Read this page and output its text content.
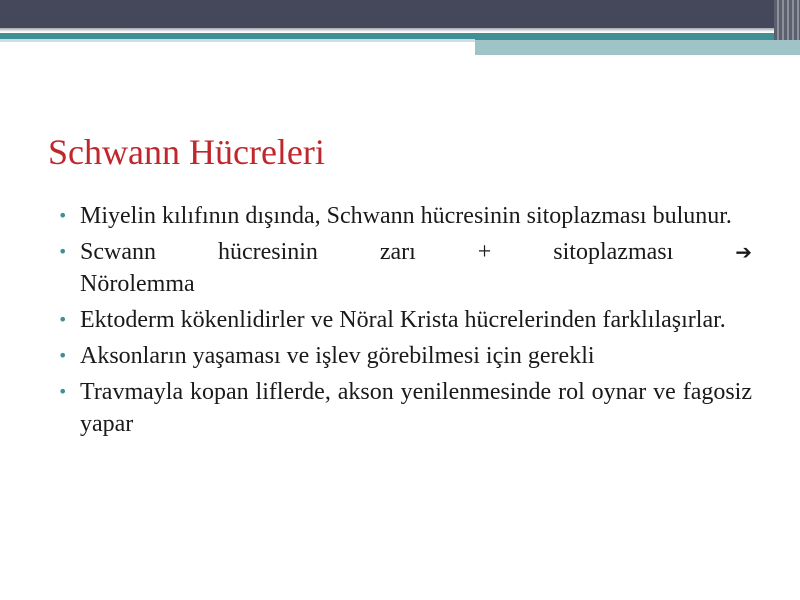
Schwann Hücreleri
• Miyelin kılıfının dışında, Schwann hücresinin sitoplazması bulunur.
• Scwann	hücresinin	zarı	+	sitoplazması	➔
Nörolemma
• Ektoderm kökenlidirler ve Nöral Krista hücrelerinden farklılaşırlar.
• Aksonların yaşaması ve işlev görebilmesi için gerekli
• Travmayla kopan liflerde, akson yenilenmesinde rol oynar ve fagosiz yapar
